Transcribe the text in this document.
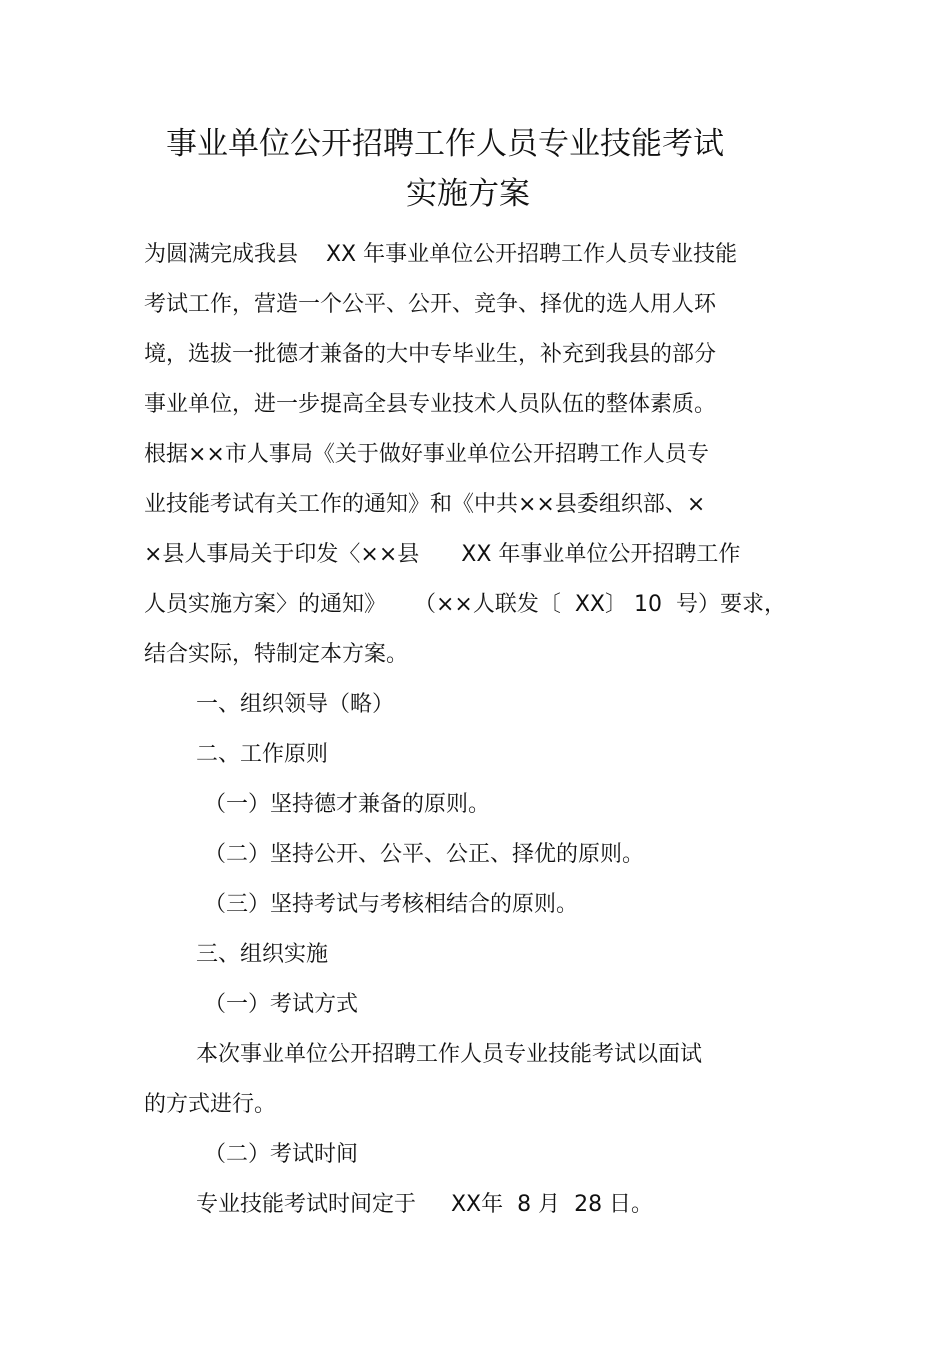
事业单位公开招聘工作人员专业技能考试
实施方案
为圆满完成我县    XX 年事业单位公开招聘工作人员专业技能
考试工作，营造一个公平、公开、竞争、择优的选人用人环
境，选拔一批德才兼备的大中专毕业生，补充到我县的部分
事业单位，进一步提高全县专业技术人员队伍的整体素质。
根据××市人事局《关于做好事业单位公开招聘工作人员专
业技能考试有关工作的通知》和《中共××县委组织部、×
×县人事局关于印发〈××县      XX 年事业单位公开招聘工作
人员实施方案〉的通知》    （××人联发〔  XX〕 10  号）要求，
结合实际，特制定本方案。
一、组织领导（略）
二、工作原则
（一）坚持德才兼备的原则。
（二）坚持公开、公平、公正、择优的原则。
（三）坚持考试与考核相结合的原则。
三、组织实施
（一）考试方式
本次事业单位公开招聘工作人员专业技能考试以面试
的方式进行。
（二）考试时间
专业技能考试时间定于     XX年  8 月  28 日。
